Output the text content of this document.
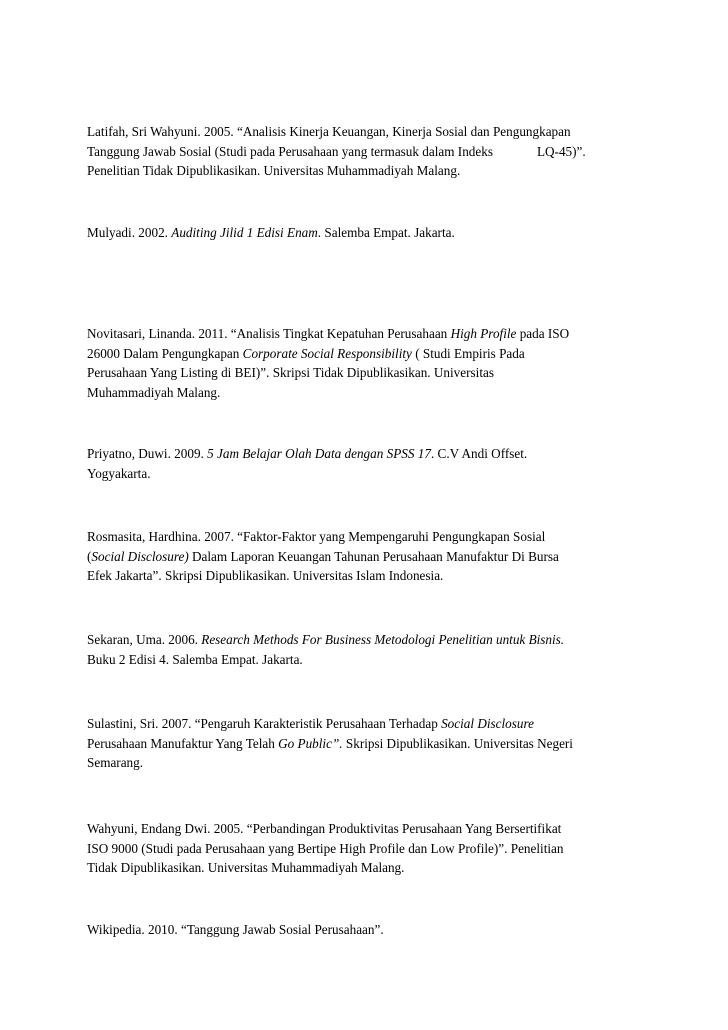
Latifah, Sri Wahyuni. 2005. “Analisis Kinerja Keuangan, Kinerja Sosial dan Pengungkapan

Tanggung Jawab Sosial (Studi pada Perusahaan yang termasuk dalam Indeks	LQ-45)”.

Penelitian Tidak Dipublikasikan. Universitas Muhammadiyah Malang.

Mulyadi. 2002. Auditing Jilid 1 Edisi Enam. Salemba Empat. Jakarta.

Novitasari, Linanda. 2011. “Analisis Tingkat Kepatuhan Perusahaan High Profile pada ISO

26000 Dalam Pengungkapan Corporate Social Responsibility ( Studi Empiris Pada

Perusahaan Yang Listing di BEI)”. Skripsi Tidak Dipublikasikan. Universitas

Muhammadiyah Malang.

Priyatno, Duwi. 2009. 5 Jam Belajar Olah Data dengan SPSS 17. C.V Andi Offset.

Yogyakarta.

Rosmasita, Hardhina. 2007. “Faktor-Faktor yang Mempengaruhi Pengungkapan Sosial

(Social Disclosure) Dalam Laporan Keuangan Tahunan Perusahaan Manufaktur Di Bursa

Efek Jakarta”. Skripsi Dipublikasikan. Universitas Islam Indonesia.

Sekaran, Uma. 2006. Research Methods For Business Metodologi Penelitian untuk Bisnis.

Buku 2 Edisi 4. Salemba Empat. Jakarta.

Sulastini, Sri. 2007. “Pengaruh Karakteristik Perusahaan Terhadap Social Disclosure

Perusahaan Manufaktur Yang Telah Go Public”. Skripsi Dipublikasikan. Universitas Negeri

Semarang.

Wahyuni, Endang Dwi. 2005. “Perbandingan Produktivitas Perusahaan Yang Bersertifikat

ISO 9000 (Studi pada Perusahaan yang Bertipe High Profile dan Low Profile)”. Penelitian

Tidak Dipublikasikan. Universitas Muhammadiyah Malang.

Wikipedia. 2010. “Tanggung Jawab Sosial Perusahaan”.
